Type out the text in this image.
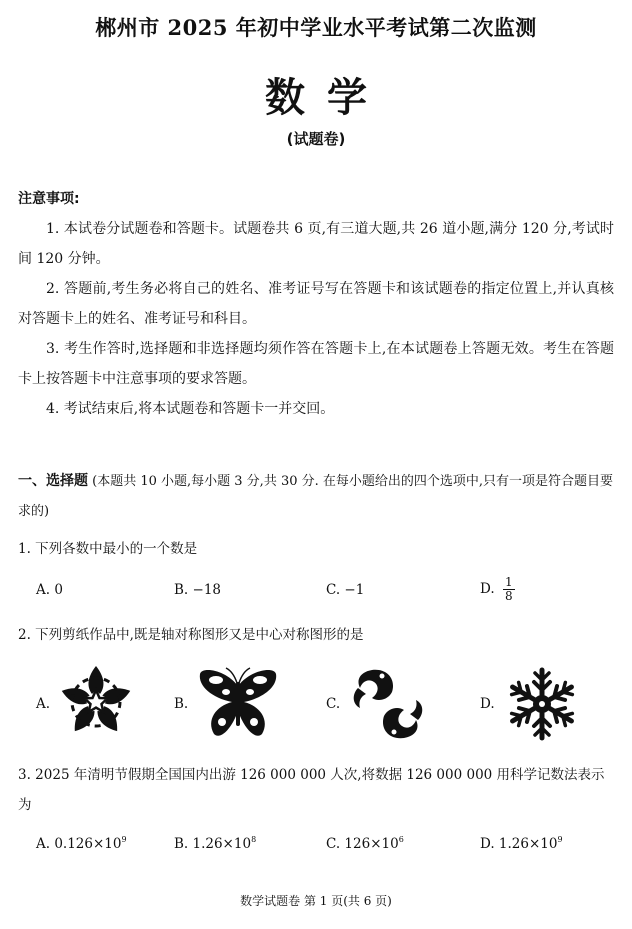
郴州市 2025 年初中学业水平考试第二次监测
数学
(试题卷)
注意事项:
1. 本试卷分试题卷和答题卡。试题卷共 6 页,有三道大题,共 26 道小题,满分 120 分,考试时间 120 分钟。
2. 答题前,考生务必将自己的姓名、准考证号写在答题卡和该试题卷的指定位置上,并认真核对答题卡上的姓名、准考证号和科目。
3. 考生作答时,选择题和非选择题均须作答在答题卡上,在本试题卷上答题无效。考生在答题卡上按答题卡中注意事项的要求答题。
4. 考试结束后,将本试题卷和答题卡一并交回。
一、选择题 (本题共 10 小题,每小题 3 分,共 30 分. 在每小题给出的四个选项中,只有一项是符合题目要求的)
1. 下列各数中最小的一个数是
A. 0	B. −18	C. −1	D. $\frac{1}{8}$
2. 下列剪纸作品中,既是轴对称图形又是中心对称图形的是
A.	B.	C.	D.
3. 2025 年清明节假期全国国内出游 126 000 000 人次,将数据 126 000 000 用科学记数法表示为
A. $0.126\times 10^9$	B. $1.26\times 10^8$	C. $126\times 10^6$	D. $1.26\times 10^9$
数学试题卷 第 1 页(共 6 页)
